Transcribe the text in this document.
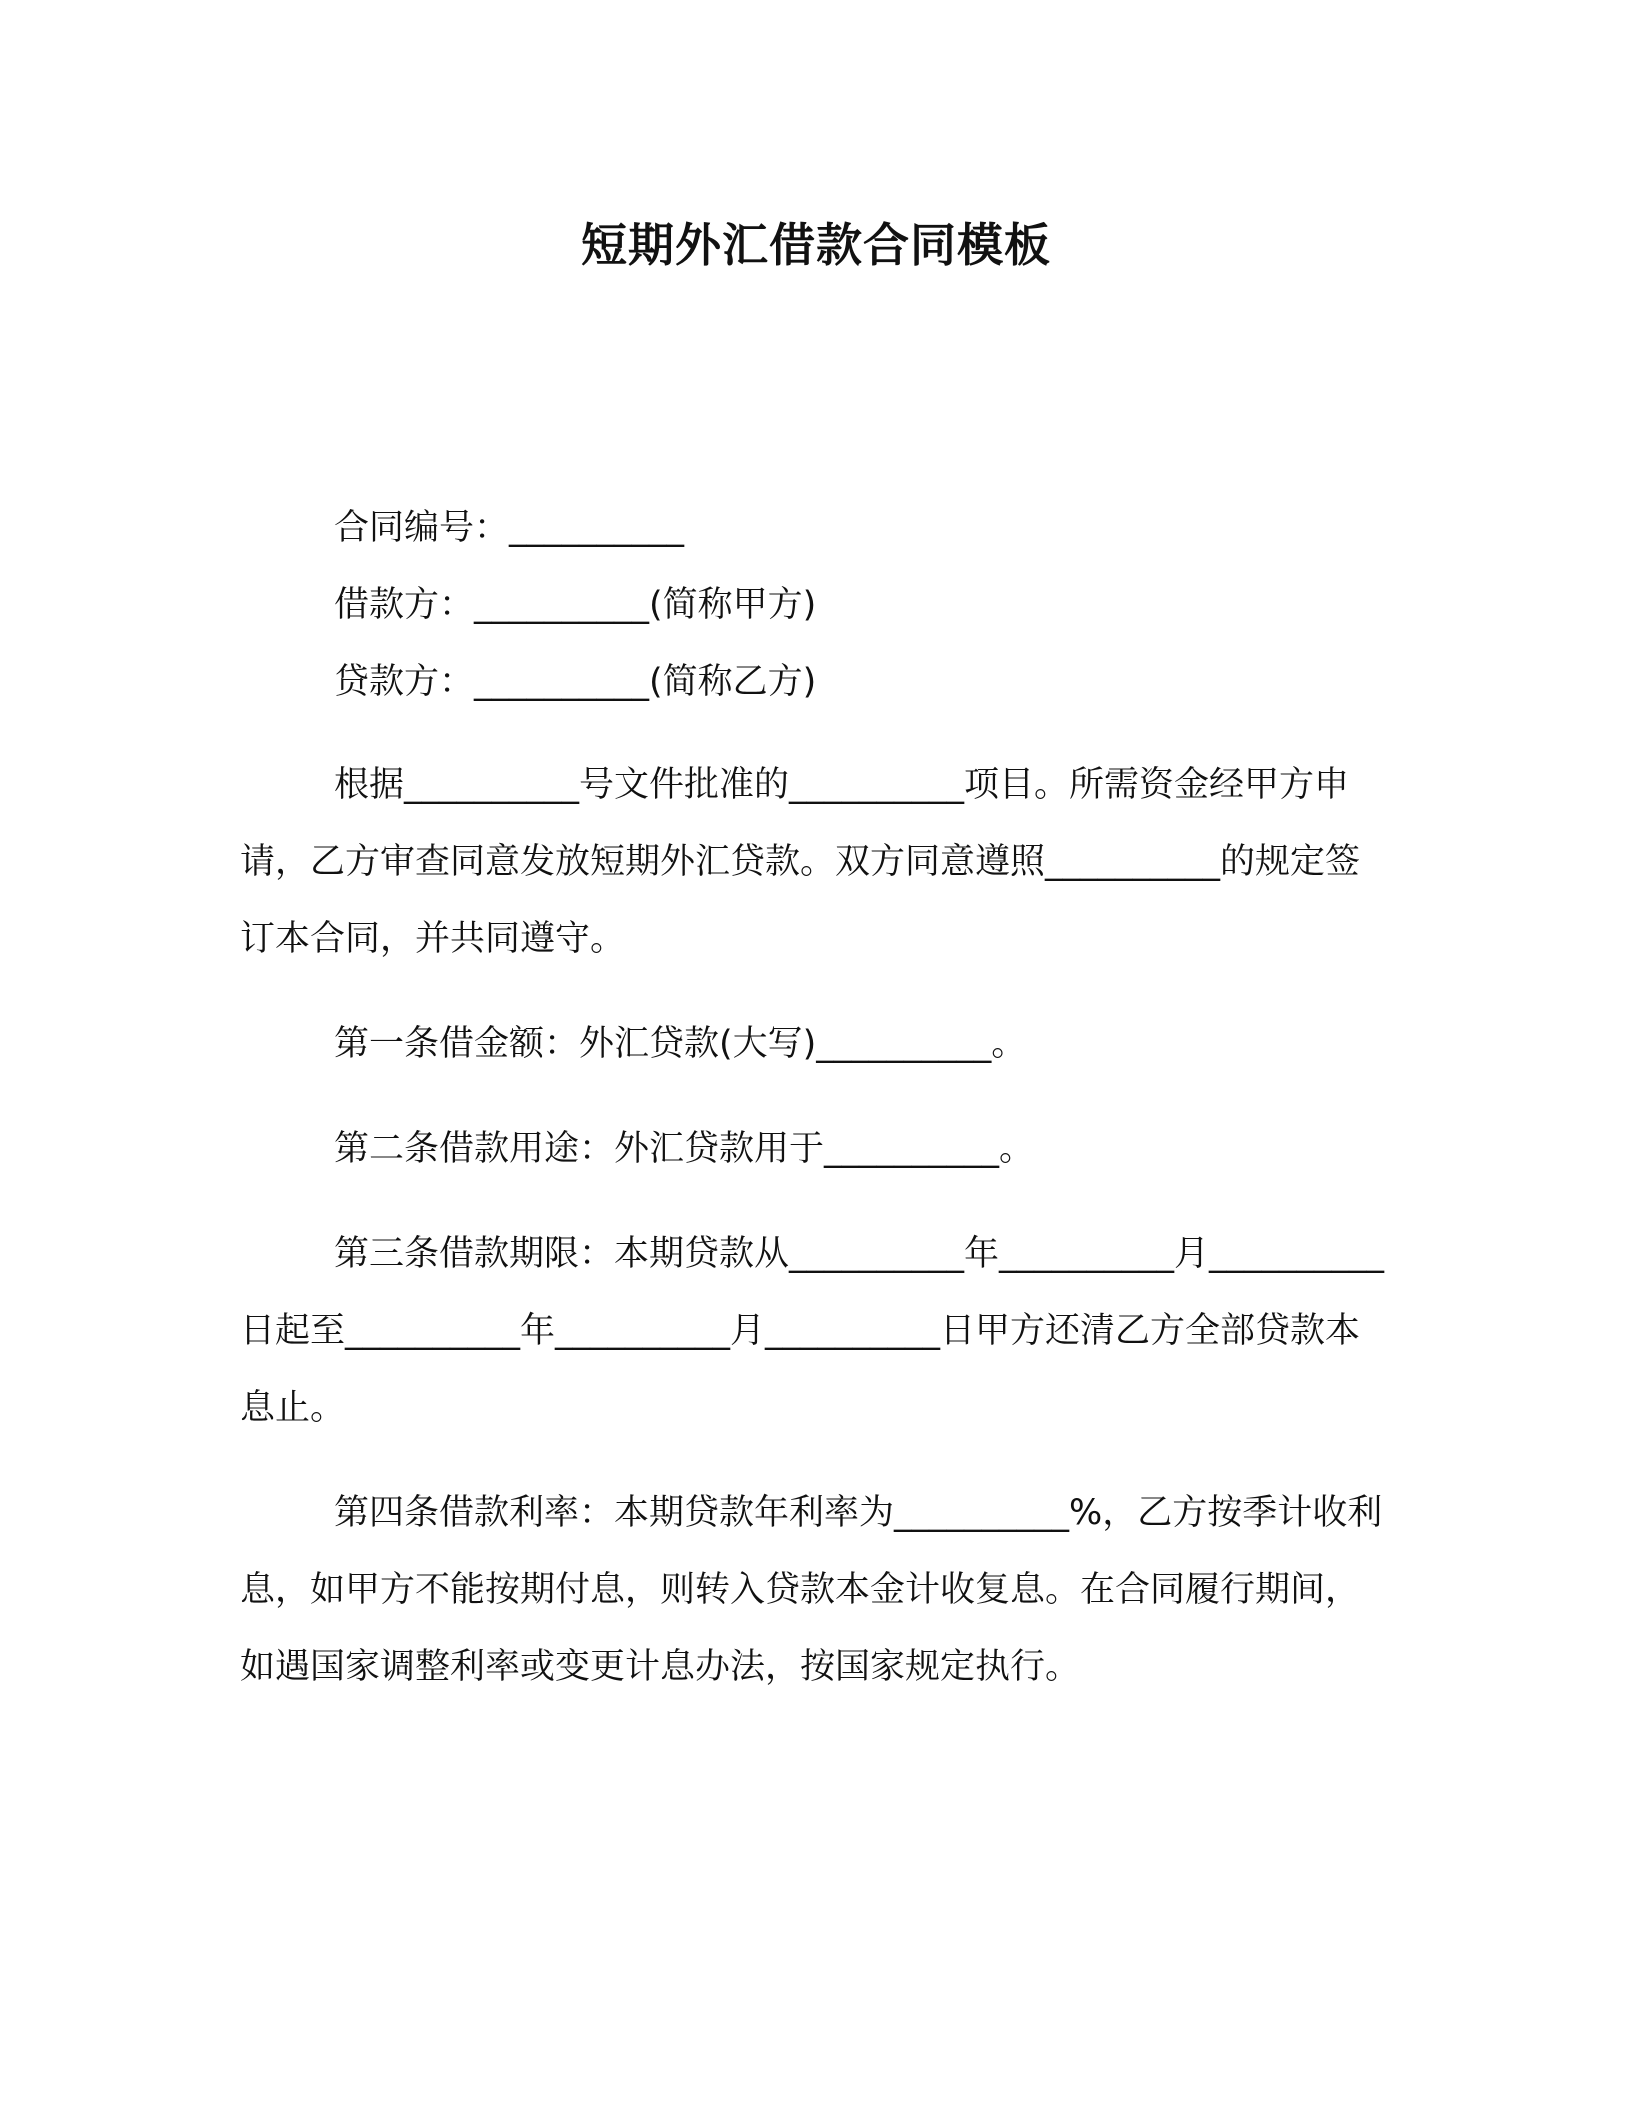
短期外汇借款合同模板

合同编号：__________

借款方：__________(简称甲方)

贷款方：__________(简称乙方)

根据__________号文件批准的__________项目。所需资金经甲方申请，乙方审查同意发放短期外汇贷款。双方同意遵照__________的规定签订本合同，并共同遵守。

第一条借金额：外汇贷款(大写)__________。

第二条借款用途：外汇贷款用于__________。

第三条借款期限：本期贷款从__________年__________月__________日起至__________年__________月__________日甲方还清乙方全部贷款本息止。

第四条借款利率：本期贷款年利率为__________%，乙方按季计收利息，如甲方不能按期付息，则转入贷款本金计收复息。在合同履行期间，如遇国家调整利率或变更计息办法，按国家规定执行。
